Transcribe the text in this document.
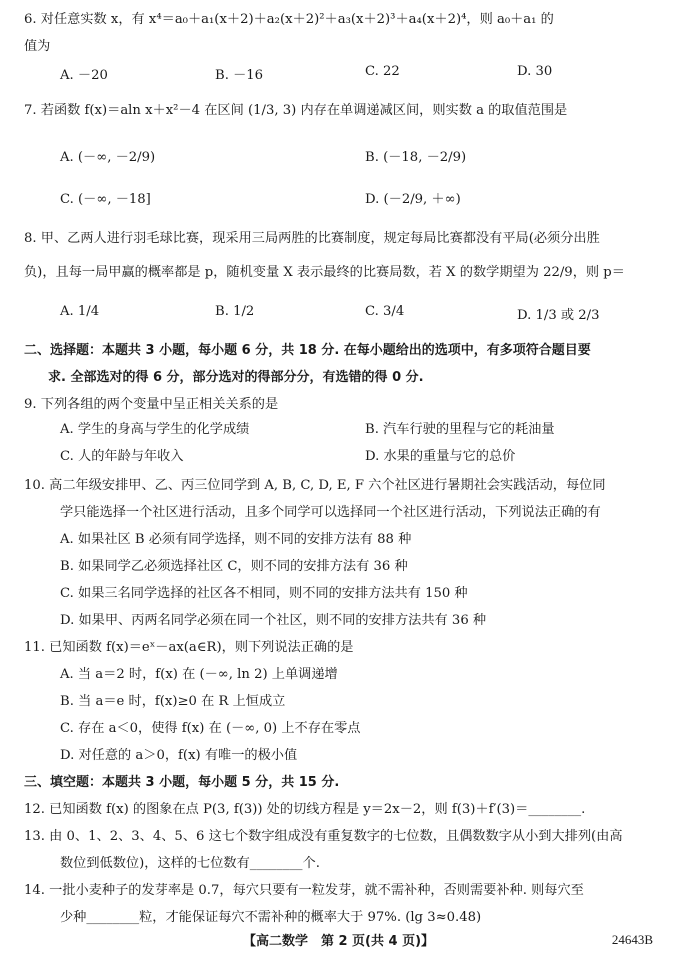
6. 对任意实数 x，有 x⁴＝a₀＋a₁(x＋2)＋a₂(x＋2)²＋a₃(x＋2)³＋a₄(x＋2)⁴，则 a₀＋a₁ 的
值为
A. －20	B. －16	C. 22	D. 30
7. 若函数 f(x)＝aln x＋x²－4 在区间 (1/3, 3) 内存在单调递减区间，则实数 a 的取值范围是
A. (－∞, －2/9)	B. (－18, －2/9)
C. (－∞, －18]	D. (－2/9, ＋∞)
8. 甲、乙两人进行羽毛球比赛，现采用三局两胜的比赛制度，规定每局比赛都没有平局(必须分出胜
负)，且每一局甲赢的概率都是 p，随机变量 X 表示最终的比赛局数，若 X 的数学期望为 22/9，则 p＝
A. 1/4	B. 1/2	C. 3/4	D. 1/3 或 2/3
二、选择题：本题共 3 小题，每小题 6 分，共 18 分. 在每小题给出的选项中，有多项符合题目要
求. 全部选对的得 6 分，部分选对的得部分分，有选错的得 0 分.
9. 下列各组的两个变量中呈正相关关系的是
A. 学生的身高与学生的化学成绩	B. 汽车行驶的里程与它的耗油量
C. 人的年龄与年收入	D. 水果的重量与它的总价
10. 高二年级安排甲、乙、丙三位同学到 A, B, C, D, E, F 六个社区进行暑期社会实践活动，每位同
学只能选择一个社区进行活动，且多个同学可以选择同一个社区进行活动，下列说法正确的有
A. 如果社区 B 必须有同学选择，则不同的安排方法有 88 种
B. 如果同学乙必须选择社区 C，则不同的安排方法有 36 种
C. 如果三名同学选择的社区各不相同，则不同的安排方法共有 150 种
D. 如果甲、丙两名同学必须在同一个社区，则不同的安排方法共有 36 种
11. 已知函数 f(x)＝eˣ－ax(a∈R)，则下列说法正确的是
A. 当 a＝2 时，f(x) 在 (－∞, ln 2) 上单调递增
B. 当 a＝e 时，f(x)≥0 在 R 上恒成立
C. 存在 a＜0，使得 f(x) 在 (－∞, 0) 上不存在零点
D. 对任意的 a＞0，f(x) 有唯一的极小值
三、填空题：本题共 3 小题，每小题 5 分，共 15 分.
12. 已知函数 f(x) 的图象在点 P(3, f(3)) 处的切线方程是 y＝2x－2，则 f(3)＋f′(3)＝________.
13. 由 0、1、2、3、4、5、6 这七个数字组成没有重复数字的七位数，且偶数数字从小到大排列(由高
数位到低数位)，这样的七位数有________个.
14. 一批小麦种子的发芽率是 0.7，每穴只要有一粒发芽，就不需补种，否则需要补种. 则每穴至
少种________粒，才能保证每穴不需补种的概率大于 97%. (lg 3≈0.48)
【高二数学　第 2 页(共 4 页)】	24643B
